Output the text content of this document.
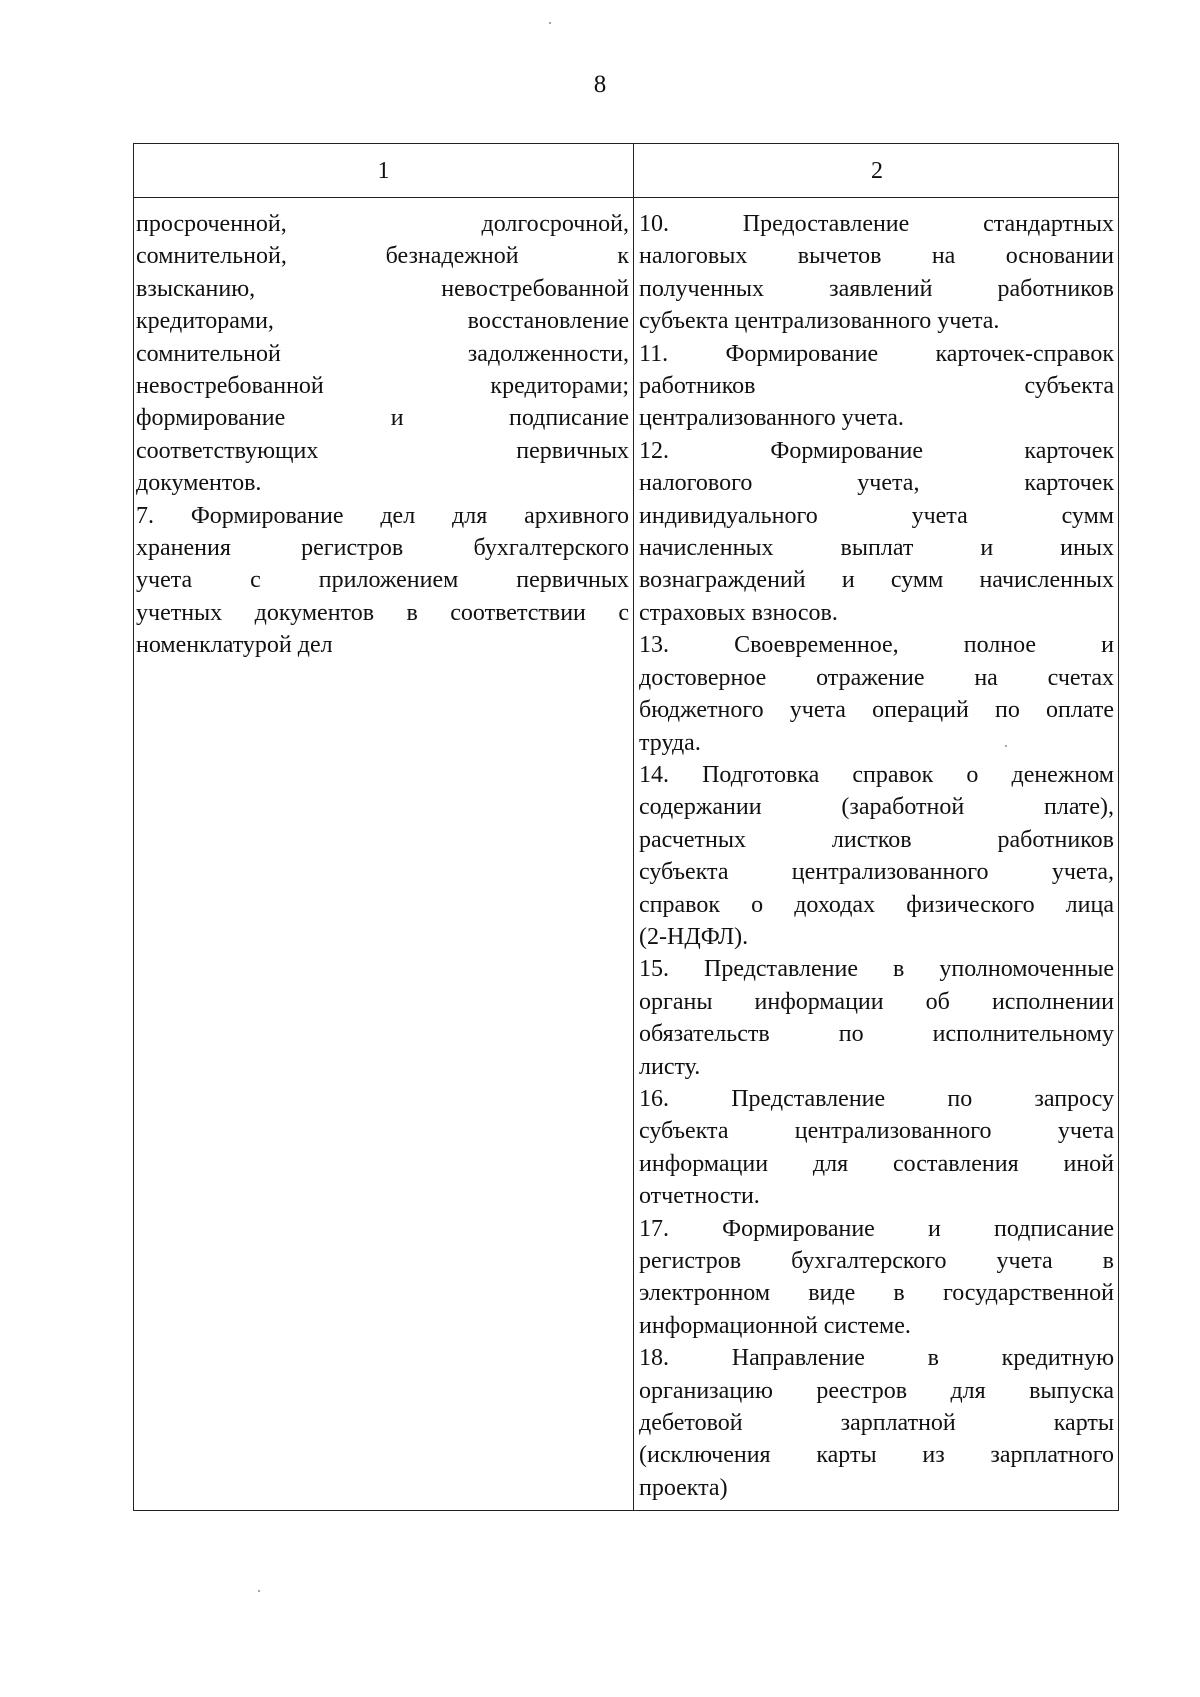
8
1	2
просроченной, долгосрочной,
сомнительной, безнадежной к
взысканию, невостребованной
кредиторами, восстановление
сомнительной задолженности,
невостребованной кредиторами;
формирование и подписание
соответствующих первичных
документов.
7. Формирование дел для архивного
хранения регистров бухгалтерского
учета с приложением первичных
учетных документов в соответствии с
номенклатурой дел
10. Предоставление стандартных
налоговых вычетов на основании
полученных заявлений работников
субъекта централизованного учета.
11. Формирование карточек-справок
работников субъекта
централизованного учета.
12. Формирование карточек
налогового учета, карточек
индивидуального учета сумм
начисленных выплат и иных
вознаграждений и сумм начисленных
страховых взносов.
13. Своевременное, полное и
достоверное отражение на счетах
бюджетного учета операций по оплате
труда.
14. Подготовка справок о денежном
содержании (заработной плате),
расчетных листков работников
субъекта централизованного учета,
справок о доходах физического лица
(2-НДФЛ).
15. Представление в уполномоченные
органы информации об исполнении
обязательств по исполнительному
листу.
16. Представление по запросу
субъекта централизованного учета
информации для составления иной
отчетности.
17. Формирование и подписание
регистров бухгалтерского учета в
электронном виде в государственной
информационной системе.
18. Направление в кредитную
организацию реестров для выпуска
дебетовой зарплатной карты
(исключения карты из зарплатного
проекта)
